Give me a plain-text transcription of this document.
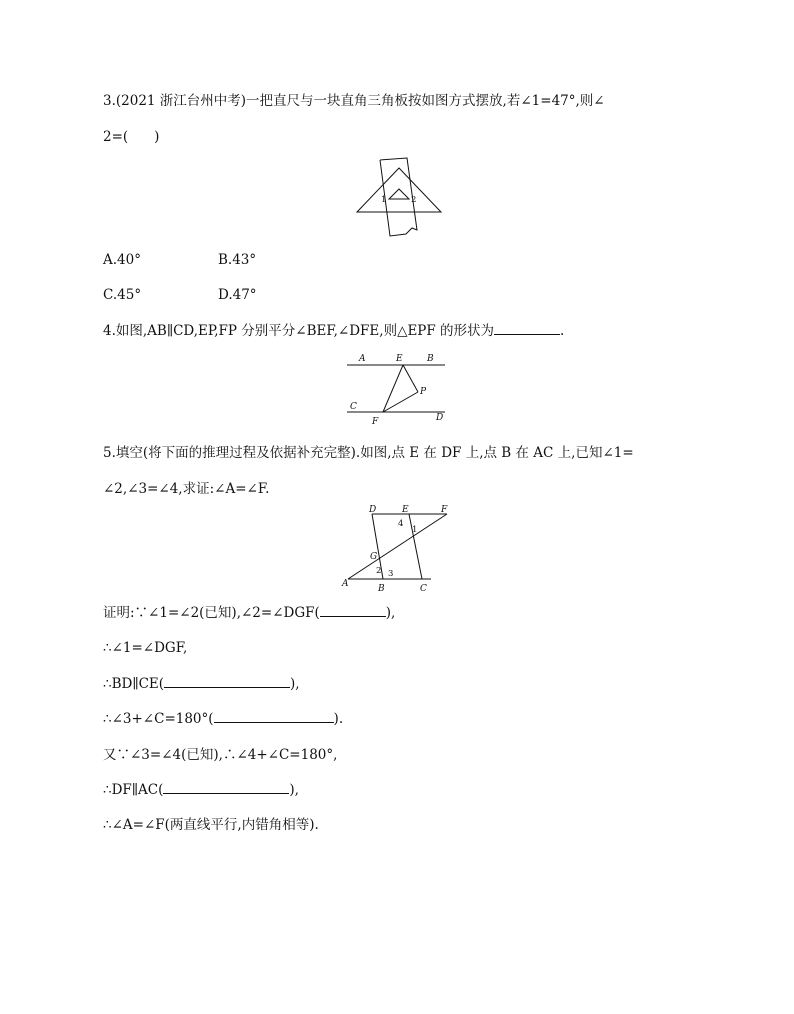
3.(2021 浙江台州中考)一把直尺与一块直角三角板按如图方式摆放,若∠1=47°,则∠
2=( )
1	2
A.40°	B.43°
C.45°	D.47°
4.如图,AB∥CD,EP,FP 分别平分∠BEF,∠DFE,则△EPF 的形状为	.
A	E	B
P
C
F	D
5.填空(将下面的推理过程及依据补充完整).如图,点 E 在 DF 上,点 B 在 AC 上,已知∠1=
∠2,∠3=∠4,求证:∠A=∠F.
D	E	F
G
A	B	C
1
2 3
4
证明:∵∠1=∠2(已知),∠2=∠DGF(	),
∴∠1=∠DGF,
∴BD∥CE(	),
∴∠3+∠C=180°(	).
又∵∠3=∠4(已知),∴∠4+∠C=180°,
∴DF∥AC(	),
∴∠A=∠F(两直线平行,内错角相等).
